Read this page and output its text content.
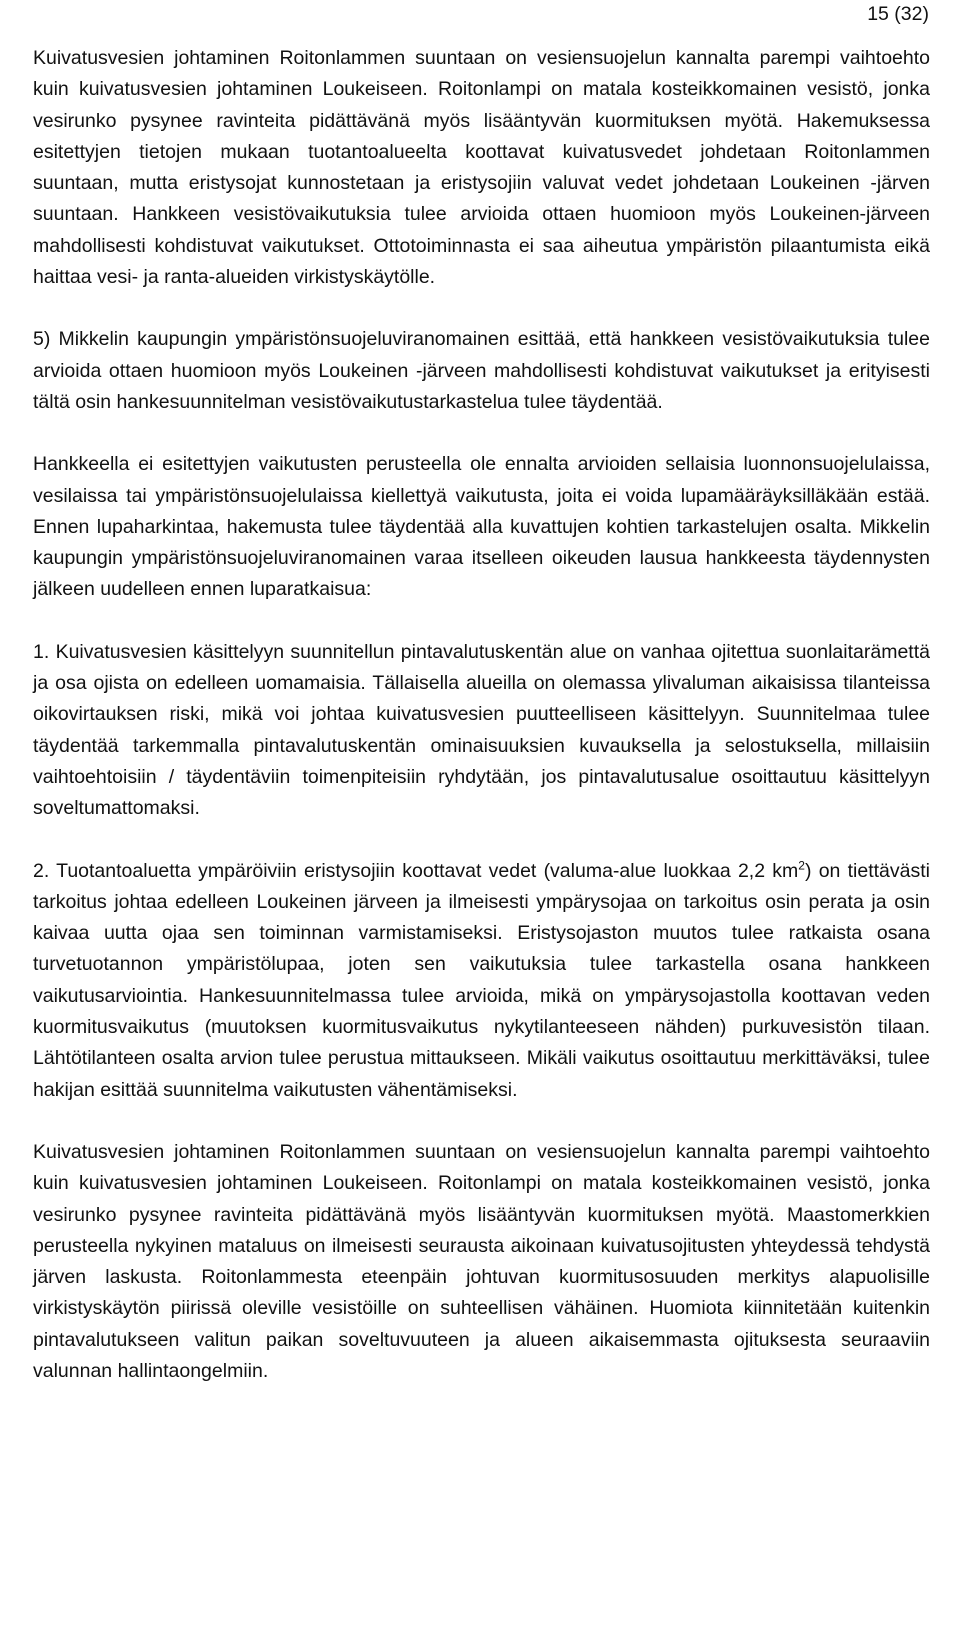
15 (32)

Kuivatusvesien johtaminen Roitonlammen suuntaan on vesiensuojelun kannalta parempi vaihtoehto kuin kuivatusvesien johtaminen Loukeiseen. Roitonlampi on matala kosteikkomainen vesistö, jonka vesirunko pysynee ravinteita pidättävänä myös lisääntyvän kuormituksen myötä. Hakemuksessa esitettyjen tietojen mukaan tuotantoalueelta koottavat kuivatusvedet johdetaan Roitonlammen suuntaan, mutta eristysojat kunnostetaan ja eristysojiin valuvat vedet johdetaan Loukeinen -järven suuntaan. Hankkeen vesistövaikutuksia tulee arvioida ottaen huomioon myös Loukeinen-järveen mahdollisesti kohdistuvat vaikutukset. Ottotoiminnasta ei saa aiheutua ympäristön pilaantumista eikä haittaa vesi- ja ranta-alueiden virkistyskäytölle.

5) Mikkelin kaupungin ympäristönsuojeluviranomainen esittää, että hankkeen vesistövaikutuksia tulee arvioida ottaen huomioon myös Loukeinen -järveen mahdollisesti kohdistuvat vaikutukset ja erityisesti tältä osin hankesuunnitelman vesistövaikutustarkastelua tulee täydentää.

Hankkeella ei esitettyjen vaikutusten perusteella ole ennalta arvioiden sellaisia luonnonsuojelulaissa, vesilaissa tai ympäristönsuojelulaissa kiellettyä vaikutusta, joita ei voida lupamääräyksilläkään estää. Ennen lupaharkintaa, hakemusta tulee täydentää alla kuvattujen kohtien tarkastelujen osalta. Mikkelin kaupungin ympäristönsuojeluviranomainen varaa itselleen oikeuden lausua hankkeesta täydennysten jälkeen uudelleen ennen luparatkaisua:

1. Kuivatusvesien käsittelyyn suunnitellun pintavalutuskentän alue on vanhaa ojitettua suonlaitarämettä ja osa ojista on edelleen uomamaisia. Tällaisella alueilla on olemassa ylivaluman aikaisissa tilanteissa oikovirtauksen riski, mikä voi johtaa kuivatusvesien puutteelliseen käsittelyyn. Suunnitelmaa tulee täydentää tarkemmalla pintavalutuskentän ominaisuuksien kuvauksella ja selostuksella, millaisiin vaihtoehtoisiin / täydentäviin toimenpiteisiin ryhdytään, jos pintavalutusalue osoittautuu käsittelyyn soveltumattomaksi.

2. Tuotantoaluetta ympäröiviin eristysojiin koottavat vedet (valuma-alue luokkaa 2,2 $km^2$) on tiettävästi tarkoitus johtaa edelleen Loukeinen järveen ja ilmeisesti ympärysojaa on tarkoitus osin perata ja osin kaivaa uutta ojaa sen toiminnan varmistamiseksi. Eristysojaston muutos tulee ratkaista osana turvetuotannon ympäristölupaa, joten sen vaikutuksia tulee tarkastella osana hankkeen vaikutusarviointia. Hankesuunnitelmassa tulee arvioida, mikä on ympärysojastolla koottavan veden kuormitusvaikutus (muutoksen kuormitusvaikutus nykytilanteeseen nähden) purkuvesistön tilaan. Lähtötilanteen osalta arvion tulee perustua mittaukseen. Mikäli vaikutus osoittautuu merkittäväksi, tulee hakijan esittää suunnitelma vaikutusten vähentämiseksi.

Kuivatusvesien johtaminen Roitonlammen suuntaan on vesiensuojelun kannalta parempi vaihtoehto kuin kuivatusvesien johtaminen Loukeiseen. Roitonlampi on matala kosteikkomainen vesistö, jonka vesirunko pysynee ravinteita pidättävänä myös lisääntyvän kuormituksen myötä. Maastomerkkien perusteella nykyinen mataluus on ilmeisesti seurausta aikoinaan kuivatusojitusten yhteydessä tehdystä järven laskusta. Roitonlammesta eteenpäin johtuvan kuormitusosuuden merkitys alapuolisille virkistyskäytön piirissä oleville vesistöille on suhteellisen vähäinen. Huomiota kiinnitetään kuitenkin pintavalutukseen valitun paikan soveltuvuuteen ja alueen aikaisemmasta ojituksesta seuraaviin valunnan hallintaongelmiin.
